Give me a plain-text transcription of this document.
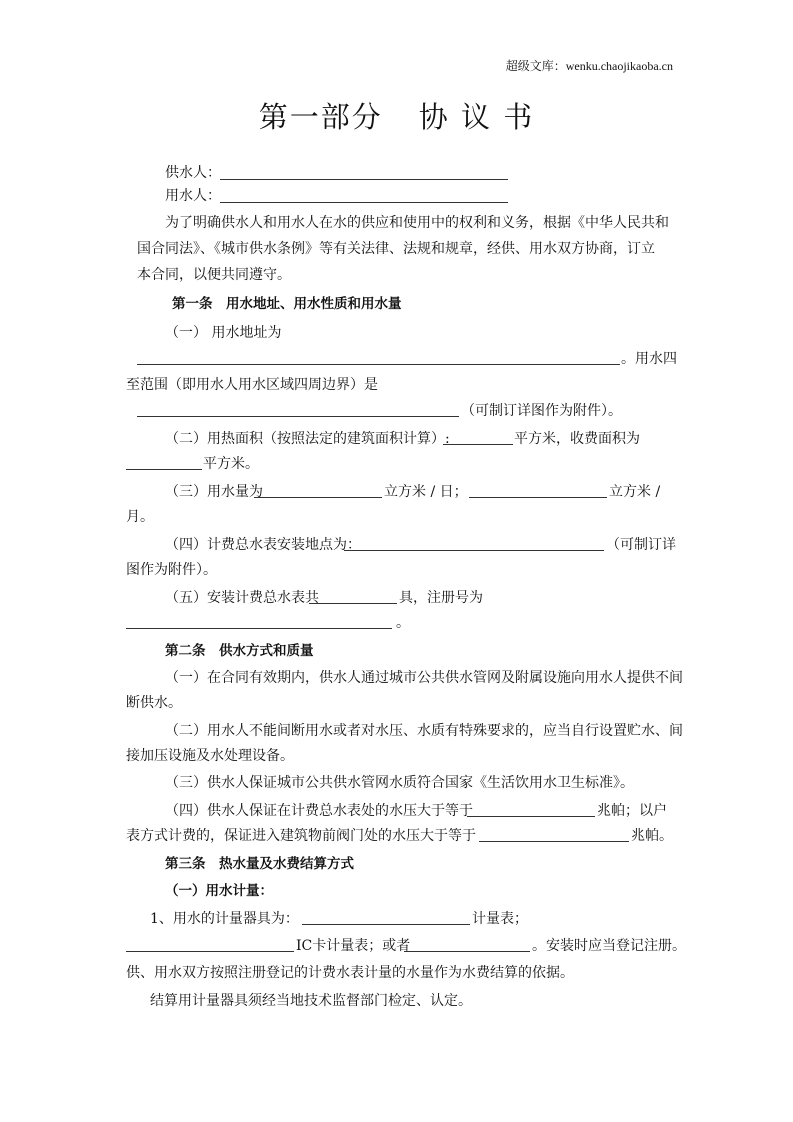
超级文库：wenku.chaojikaoba.cn
第一部分 协 议 书
供水人：
用水人：
为了明确供水人和用水人在水的供应和使用中的权利和义务，根据《中华人民共和
国合同法》、《城市供水条例》等有关法律、法规和规章，经供、用水双方协商，订立
本合同，以便共同遵守。
第一条　用水地址、用水性质和用水量
（一） 用水地址为
。用水四
至范围（即用水人用水区域四周边界）是
（可制订详图作为附件）。
（二）用热面积（按照法定的建筑面积计算）:	平方米，收费面积为
平方米。
（三）用水量为	立方米 / 日；	立方米 /
月。
（四）计费总水表安装地点为：	（可制订详
图作为附件）。
（五）安装计费总水表共	具，注册号为
。
第二条　供水方式和质量
（一）在合同有效期内，供水人通过城市公共供水管网及附属设施向用水人提供不间
断供水。
（二）用水人不能间断用水或者对水压、水质有特殊要求的，应当自行设置贮水、间
接加压设施及水处理设备。
（三）供水人保证城市公共供水管网水质符合国家《生活饮用水卫生标准》。
（四）供水人保证在计费总水表处的水压大于等于	兆帕；以户
表方式计费的，保证进入建筑物前阀门处的水压大于等于	兆帕。
第三条　热水量及水费结算方式
（一）用水计量：
1、用水的计量器具为：	计量表；
IC卡计量表；或者	。安装时应当登记注册。
供、用水双方按照注册登记的计费水表计量的水量作为水费结算的依据。
结算用计量器具须经当地技术监督部门检定、认定。
